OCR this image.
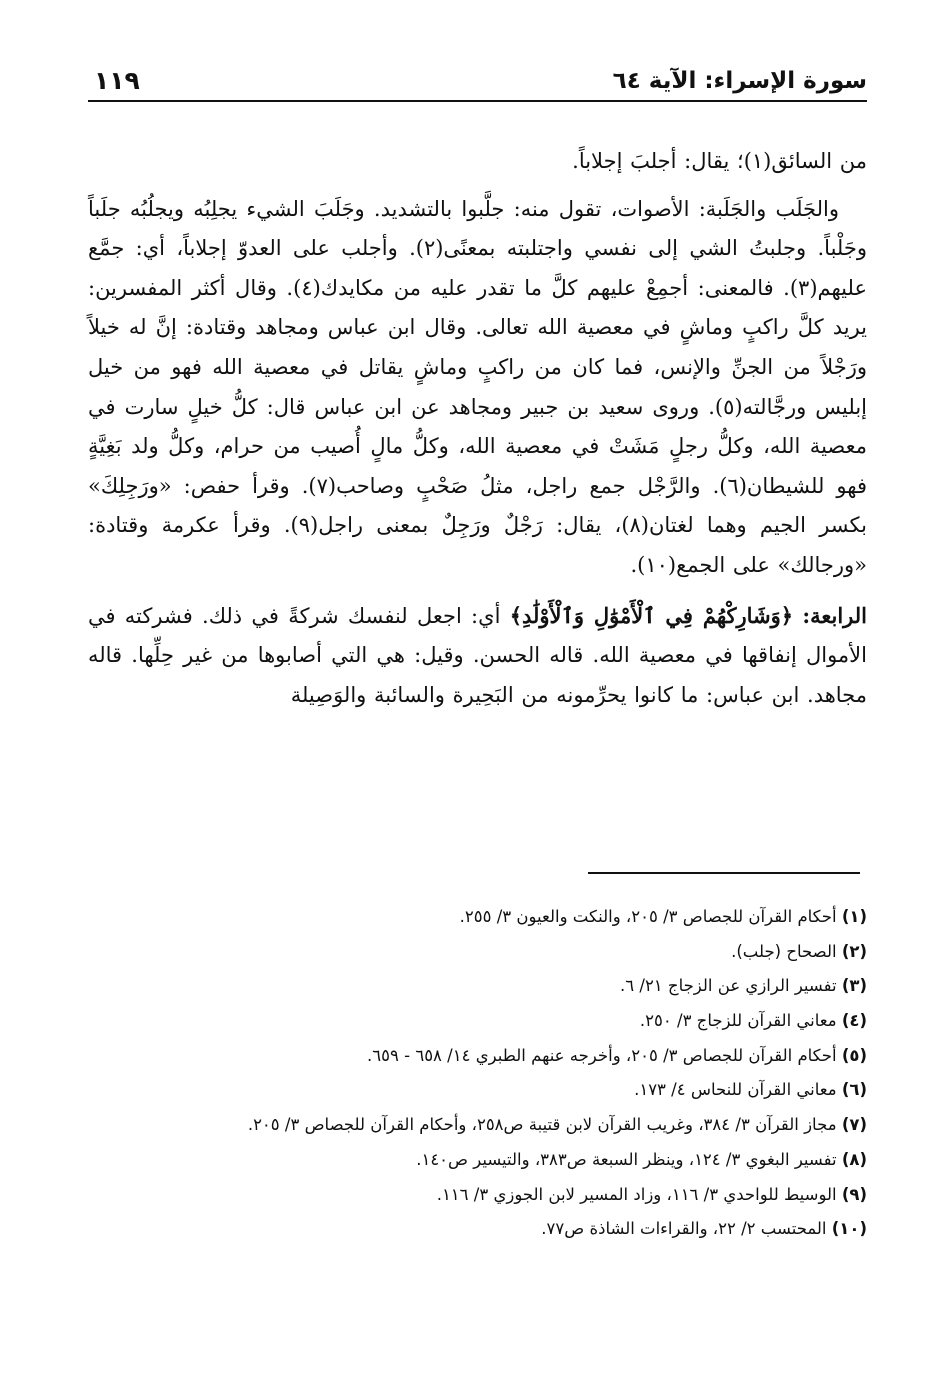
سورة الإسراء: الآية ٦٤
١١٩

من السائق(١)؛ يقال: أجلبَ إجلاباً.

والجَلَب والجَلَبة: الأصوات، تقول منه: جلَّبوا بالتشديد. وجَلَبَ الشيء يجلِبُه ويجلُبُه جلَباً وجَلْباً. وجلبتُ الشي إلى نفسي واجتلبته بمعنًى(٢). وأجلب على العدوّ إجلاباً، أي: جمَّع عليهم(٣). فالمعنى: أجمِعْ عليهم كلَّ ما تقدر عليه من مكايدك(٤). وقال أكثر المفسرين: يريد كلَّ راكبٍ وماشٍ في معصية الله تعالى. وقال ابن عباس ومجاهد وقتادة: إنَّ له خيلاً ورَجْلاً من الجنِّ والإنس، فما كان من راكبٍ وماشٍ يقاتل في معصية الله فهو من خيل إبليس ورجَّالته(٥). وروى سعيد بن جبير ومجاهد عن ابن عباس قال: كلُّ خيلٍ سارت في معصية الله، وكلُّ رجلٍ مَشَتْ في معصية الله، وكلُّ مالٍ أُصيب من حرام، وكلُّ ولد بَغِيَّةٍ فهو للشيطان(٦). والرَّجْل جمع راجل، مثلُ صَحْبٍ وصاحب(٧). وقرأ حفص: «ورَجِلِكَ» بكسر الجيم وهما لغتان(٨)، يقال: رَجْلٌ ورَجِلٌ بمعنى راجل(٩). وقرأ عكرمة وقتادة: «ورجالك» على الجمع(١٠).

الرابعة: ﴿وَشَارِكْهُمْ فِي ٱلْأَمْوَٰلِ وَٱلْأَوْلَٰدِ﴾ أي: اجعل لنفسك شركةً في ذلك. فشركته في الأموال إنفاقها في معصية الله. قاله الحسن. وقيل: هي التي أصابوها من غير حِلِّها. قاله مجاهد. ابن عباس: ما كانوا يحرِّمونه من البَحِيرة والسائبة والوَصِيلة

(١) أحكام القرآن للجصاص ٣/ ٢٠٥، والنكت والعيون ٣/ ٢٥٥.
(٢) الصحاح (جلب).
(٣) تفسير الرازي عن الزجاج ٢١/ ٦.
(٤) معاني القرآن للزجاج ٣/ ٢٥٠.
(٥) أحكام القرآن للجصاص ٣/ ٢٠٥، وأخرجه عنهم الطبري ١٤/ ٦٥٨ - ٦٥٩.
(٦) معاني القرآن للنحاس ٤/ ١٧٣.
(٧) مجاز القرآن ٣/ ٣٨٤، وغريب القرآن لابن قتيبة ص٢٥٨، وأحكام القرآن للجصاص ٣/ ٢٠٥.
(٨) تفسير البغوي ٣/ ١٢٤، وينظر السبعة ص٣٨٣، والتيسير ص١٤٠.
(٩) الوسيط للواحدي ٣/ ١١٦، وزاد المسير لابن الجوزي ٣/ ١١٦.
(١٠) المحتسب ٢/ ٢٢، والقراءات الشاذة ص٧٧.
